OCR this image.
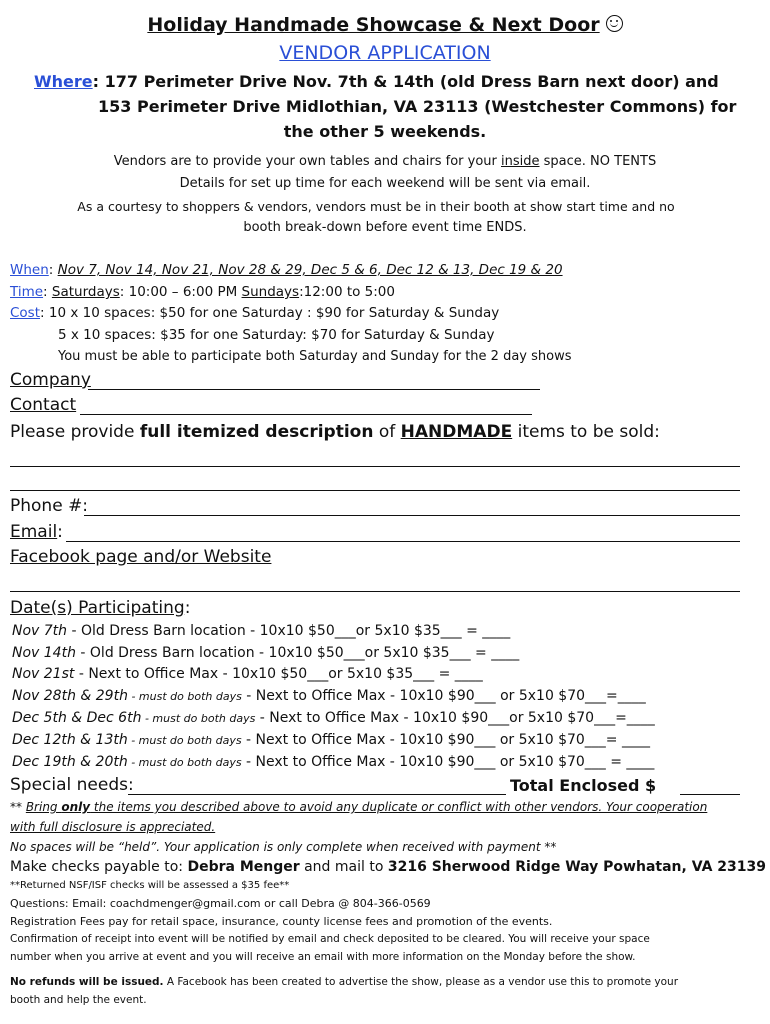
Holiday Handmade Showcase & Next Door
VENDOR APPLICATION
Where: 177 Perimeter Drive Nov. 7th & 14th (old Dress Barn next door) and
153 Perimeter Drive Midlothian, VA 23113 (Westchester Commons) for
the other 5 weekends.
Vendors are to provide your own tables and chairs for your inside space. NO TENTS
Details for set up time for each weekend will be sent via email.
As a courtesy to shoppers & vendors, vendors must be in their booth at show start time and no
booth break-down before event time ENDS.
When: Nov 7, Nov 14, Nov 21, Nov 28 & 29, Dec 5 & 6, Dec 12 & 13, Dec 19 & 20
Time: Saturdays: 10:00 – 6:00 PM Sundays:12:00 to 5:00
Cost: 10 x 10 spaces: $50 for one Saturday : $90 for Saturday & Sunday
5 x 10 spaces: $35 for one Saturday: $70 for Saturday & Sunday
You must be able to participate both Saturday and Sunday for the 2 day shows
Company
Contact
Please provide full itemized description of HANDMADE items to be sold:
Phone #:
Email:
Facebook page and/or Website
Date(s) Participating:
Nov 7th - Old Dress Barn location - 10x10 $50___or 5x10 $35___ = ____
Nov 14th - Old Dress Barn location - 10x10 $50___or 5x10 $35___ = ____
Nov 21st - Next to Office Max - 10x10 $50___or 5x10 $35___ = ____
Nov 28th & 29th - must do both days - Next to Office Max - 10x10 $90___ or 5x10 $70___=____
Dec 5th & Dec 6th - must do both days - Next to Office Max - 10x10 $90___or 5x10 $70___=____
Dec 12th & 13th - must do both days - Next to Office Max - 10x10 $90___ or 5x10 $70___= ____
Dec 19th & 20th - must do both days - Next to Office Max - 10x10 $90___ or 5x10 $70___ = ____
Special needs:	Total Enclosed $
** Bring only the items you described above to avoid any duplicate or conflict with other vendors. Your cooperation
with full disclosure is appreciated.
No spaces will be “held”. Your application is only complete when received with payment **
Make checks payable to: Debra Menger and mail to 3216 Sherwood Ridge Way Powhatan, VA 23139
**Returned NSF/ISF checks will be assessed a $35 fee**
Questions: Email: coachdmenger@gmail.com or call Debra @ 804-366-0569
Registration Fees pay for retail space, insurance, county license fees and promotion of the events.
Confirmation of receipt into event will be notified by email and check deposited to be cleared. You will receive your space
number when you arrive at event and you will receive an email with more information on the Monday before the show.
No refunds will be issued. A Facebook has been created to advertise the show, please as a vendor use this to promote your
booth and help the event.
